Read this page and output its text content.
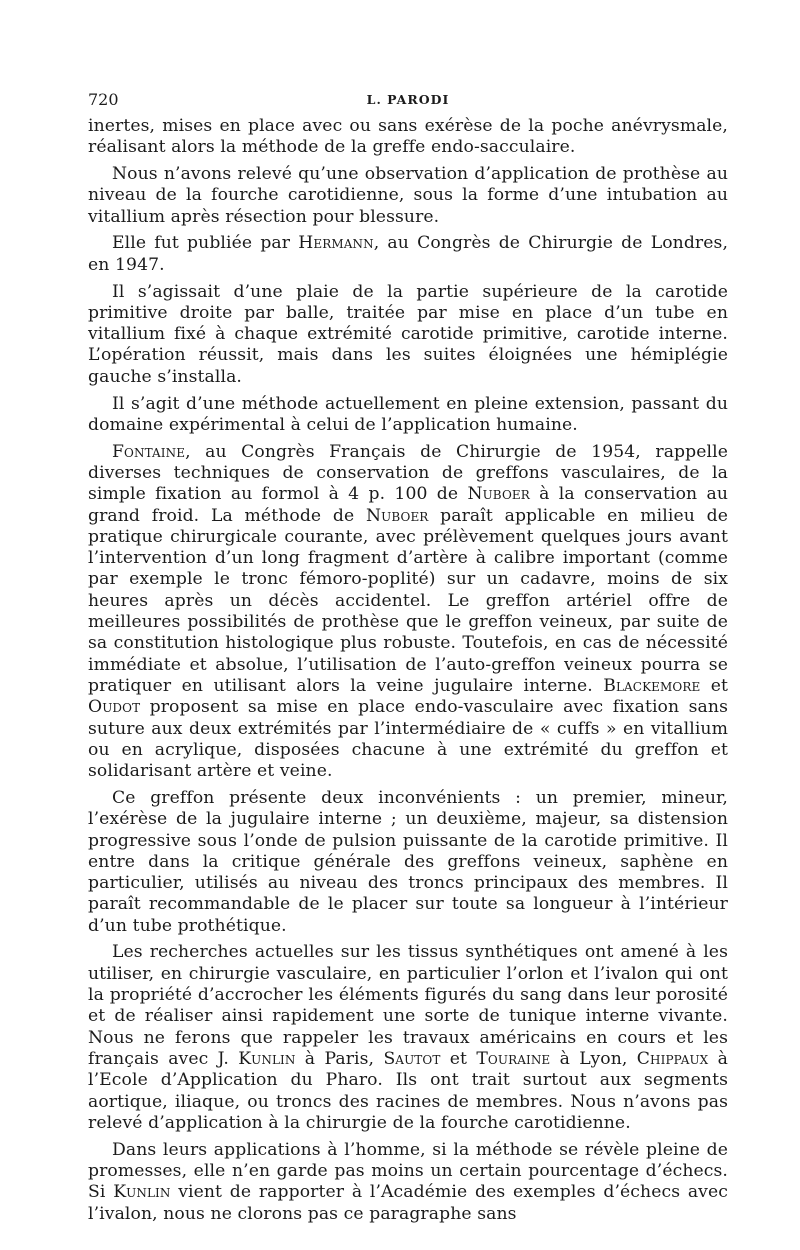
720	L. PARODI

inertes, mises en place avec ou sans exérèse de la poche anévrysmale, réalisant alors la méthode de la greffe endo-sacculaire.

Nous n’avons relevé qu’une observation d’application de prothèse au niveau de la fourche carotidienne, sous la forme d’une intubation au vitallium après résection pour blessure.

Elle fut publiée par Hermann, au Congrès de Chirurgie de Londres, en 1947.

Il s’agissait d’une plaie de la partie supérieure de la carotide primitive droite par balle, traitée par mise en place d’un tube en vitallium fixé à chaque extrémité carotide primitive, carotide interne. L’opération réussit, mais dans les suites éloignées une hémiplégie gauche s’installa.

Il s’agit d’une méthode actuellement en pleine extension, passant du domaine expérimental à celui de l’application humaine.

Fontaine, au Congrès Français de Chirurgie de 1954, rappelle diverses techniques de conservation de greffons vasculaires, de la simple fixation au formol à 4 p. 100 de Nuboer à la conservation au grand froid. La méthode de Nuboer paraît applicable en milieu de pratique chirurgicale courante, avec prélèvement quelques jours avant l’intervention d’un long fragment d’artère à calibre important (comme par exemple le tronc fémoro-poplité) sur un cadavre, moins de six heures après un décès accidentel. Le greffon artériel offre de meilleures possibilités de prothèse que le greffon veineux, par suite de sa constitution histologique plus robuste. Toutefois, en cas de nécessité immédiate et absolue, l’utilisation de l’auto-greffon veineux pourra se pratiquer en utilisant alors la veine jugulaire interne. Blackemore et Oudot proposent sa mise en place endo-vasculaire avec fixation sans suture aux deux extrémités par l’intermédiaire de « cuffs » en vitallium ou en acrylique, disposées chacune à une extrémité du greffon et solidarisant artère et veine.

Ce greffon présente deux inconvénients : un premier, mineur, l’exérèse de la jugulaire interne ; un deuxième, majeur, sa distension progressive sous l’onde de pulsion puissante de la carotide primitive. Il entre dans la critique générale des greffons veineux, saphène en particulier, utilisés au niveau des troncs principaux des membres. Il paraît recommandable de le placer sur toute sa longueur à l’intérieur d’un tube prothétique.

Les recherches actuelles sur les tissus synthétiques ont amené à les utiliser, en chirurgie vasculaire, en particulier l’orlon et l’ivalon qui ont la propriété d’accrocher les éléments figurés du sang dans leur porosité et de réaliser ainsi rapidement une sorte de tunique interne vivante. Nous ne ferons que rappeler les travaux américains en cours et les français avec J. Kunlin à Paris, Sautot et Touraine à Lyon, Chippaux à l’Ecole d’Application du Pharo. Ils ont trait surtout aux segments aortique, iliaque, ou troncs des racines de membres. Nous n’avons pas relevé d’application à la chirurgie de la fourche carotidienne.

Dans leurs applications à l’homme, si la méthode se révèle pleine de promesses, elle n’en garde pas moins un certain pourcentage d’échecs. Si Kunlin vient de rapporter à l’Académie des exemples d’échecs avec l’ivalon, nous ne clorons pas ce paragraphe sans
